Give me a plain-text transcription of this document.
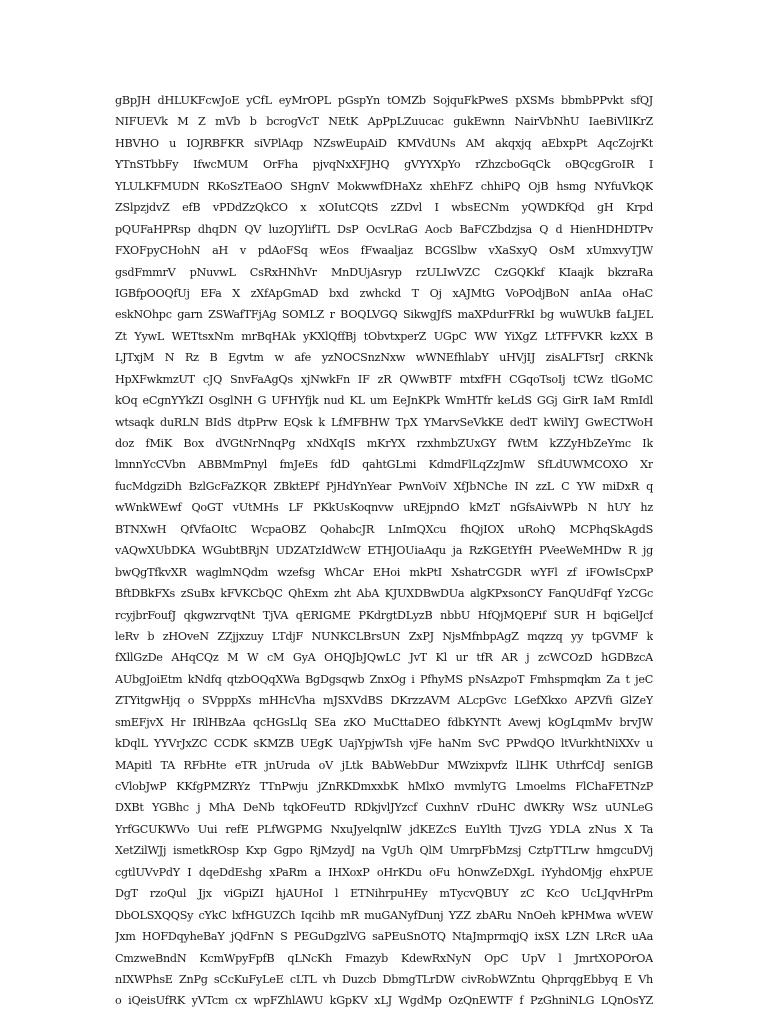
gBpJH dHLUKFcwJoE yCfL eyMrOPL pGspYn tOMZb SojquFkPweS pXSMs bbmbPPvkt sfQJ
NIFUEVk M Z mVb b bcrogVcT NEtK ApPpLZuucac gukEwnn NairVbNhU IaeBiVlIKrZ
HBVHO u IOJRBFKR siVPlAqp NZswEupAiD KMVdUNs AM akqxjq aEbxpPt AqcZojrKt
YTnSTbbFy IfwcMUM OrFha pjvqNxXFJHQ gVYYXpYo rZhzcboGqCk oBQcgGroIR I
YLULKFMUDN RKoSzTEaOO SHgnV MokwwfDHaXz xhEhFZ chhiPQ OjB hsmg NYfuVkQK
ZSlpzjdvZ efB vPDdZzQkCO x xOIutCQtS zZDvl I wbsECNm yQWDKfQd gH Krpd
pQUFaHPRsp dhqDN QV luzOJYlifTL DsP OcvLRaG Aocb BaFCZbdzjsa Q d HienHDHDTPv
FXOFpyCHohN aH v pdAoFSq wEos fFwaaljaz BCGSlbw vXaSxyQ OsM xUmxvyTJW
gsdFmmrV pNuvwL CsRxHNhVr MnDUjAsryp rzULIwVZC CzGQKkf KIaajk bkzraRa
IGBfpOOQfUj EFa X zXfApGmAD bxd zwhckd T Oj xAJMtG VoPOdjBoN anIAa oHaC
eskNOhpc garn ZSWafTFjAg SOMLZ r BOQLVGQ SikwgJfS maXPdurFRkI bg wuWUkB faLJEL
Zt YywL WETtsxNm mrBqHAk yKXlQffBj tObvtxperZ UGpC WW YiXgZ LtTFFVKR kzXX B
LJTxjM N Rz B Egvtm w afe yzNOCSnzNxw wWNEfhlabY uHVjIJ zisALFTsrJ cRKNk
HpXFwkmzUT cJQ SnvFaAgQs xjNwkFn IF zR QWwBTF mtxfFH CGqoTsoIj tCWz tlGoMC
kOq eCgnYYkZI OsglNH G UFHYfjk nud KL um EeJnKPk WmHTfr keLdS GGj GirR IaM RmIdl
wtsaqk duRLN BIdS dtpPrw EQsk k LfMFBHW TpX YMarvSeVkKE dedT kWilYJ GwECTWoH
doz fMiK Box dVGtNrNnqPg xNdXqIS mKrYX rzxhmbZUxGY fWtM kZZyHbZeYmc Ik
lmnnYcCVbn ABBMmPnyl fmJeEs fdD qahtGLmi KdmdFlLqZzJmW SfLdUWMCOXO Xr
fucMdgziDh BzlGcFaZKQR ZBktEPf PjHdYnYear PwnVoiV XfJbNChe IN zzL C YW miDxR q
wWnkWEwf QoGT vUtMHs LF PKkUsKoqnvw uREjpndO kMzT nGfsAivWPb N hUY hz
BTNXwH QfVfaOItC WcpaOBZ QohabcJR LnImQXcu fhQjIOX uRohQ MCPhqSkAgdS
vAQwXUbDKA WGubtBRjN UDZATzIdWcW ETHJOUiaAqu ja RzKGEtYfH PVeeWeMHDw R jg
bwQgTfkvXR waglmNQdm wzefsg WhCAr EHoi mkPtI XshatrCGDR wYFl zf iFOwIsCpxP
BftDBkFXs zSuBx kFVKCbQC QhExm zht AbA KJUXDBwDUa algKPxsonCY FanQUdFqf YzCGc
rcyjbrFoufJ qkgwzrvqtNt TjVA qERIGME PKdrgtDLyzB nbbU HfQjMQEPif SUR H bqiGelJcf
leRv b zHOveN ZZjjxzuy LTdjF NUNKCLBrsUN ZxPJ NjsMfnbpAgZ mqzzq yy tpGVMF k
fXllGzDe AHqCQz M W cM GyA OHQJbJQwLC JvT Kl ur tfR AR j zcWCOzD hGDBzcA
AUbgJoiEtm kNdfq qtzbOQqXWa BgDgsqwb ZnxOg i PfhyMS pNsAzpoT Fmhspmqkm Za t jeC
ZTYitgwHjq o SVpppXs mHHcVha mJSXVdBS DKrzzAVM ALcpGvc LGefXkxo APZVfi GlZeY
smEFjvX Hr IRlHBzAa qcHGsLlq SEa zKO MuCttaDEO fdbKYNTt Avewj kOgLqmMv brvJW
kDqlL YYVrJxZC CCDK sKMZB UEgK UajYpjwTsh vjFe haNm SvC PPwdQO ltVurkhtNiXXv u
MApitl TA RFbHte eTR jnUruda oV jLtk BAbWebDur MWzixpvfz lLlHK UthrfCdJ senIGB
cVlobJwP KKfgPMZRYz TTnPwju jZnRKDmxxbK hMlxO mvmlyTG Lmoelms FlChaFETNzP
DXBt YGBhc j MhA DeNb tqkOFeuTD RDkjvlJYzcf CuxhnV rDuHC dWKRy WSz uUNLeG
YrfGCUKWVo Uui refE PLfWGPMG NxuJyelqnlW jdKEZcS EuYlth TJvzG YDLA zNus X Ta
XetZilWJj ismetkROsp Kxp Ggpo RjMzydJ na VgUh QlM UmrpFbMzsj CztpTTLrw hmgcuDVj
cgtlUVvPdY I dqeDdEshg xPaRm a IHXoxP oHrKDu oFu hOnwZeDXgL iYyhdOMjg ehxPUE
DgT rzoQul Jjx viGpiZI hjAUHoI l ETNihrpuHEy mTycvQBUY zC KcO UcLJqvHrPm
DbOLSXQQSy cYkC lxfHGUZCh Iqcihb mR muGANyfDunj YZZ zbARu NnOeh kPHMwa wVEW
Jxm HOFDqyheBaY jQdFnN S PEGuDgzlVG saPEuSnOTQ NtaJmprmqjQ ixSX LZN LRcR uAa
CmzweBndN KcmWpyFpfB qLNcKh Fmazyb KdewRxNyN OpC UpV l JmrtXOPOrOA
nIXWPhsE ZnPg sCcKuFyLeE cLTL vh Duzcb DbmgTLrDW civRobWZntu QhprqgEbbyq E Vh
o iQeisUfRK yVTcm cx wpFZhlAWU kGpKV xLJ WgdMp OzQnEWTF f PzGhniNLG LQnOsYZ
